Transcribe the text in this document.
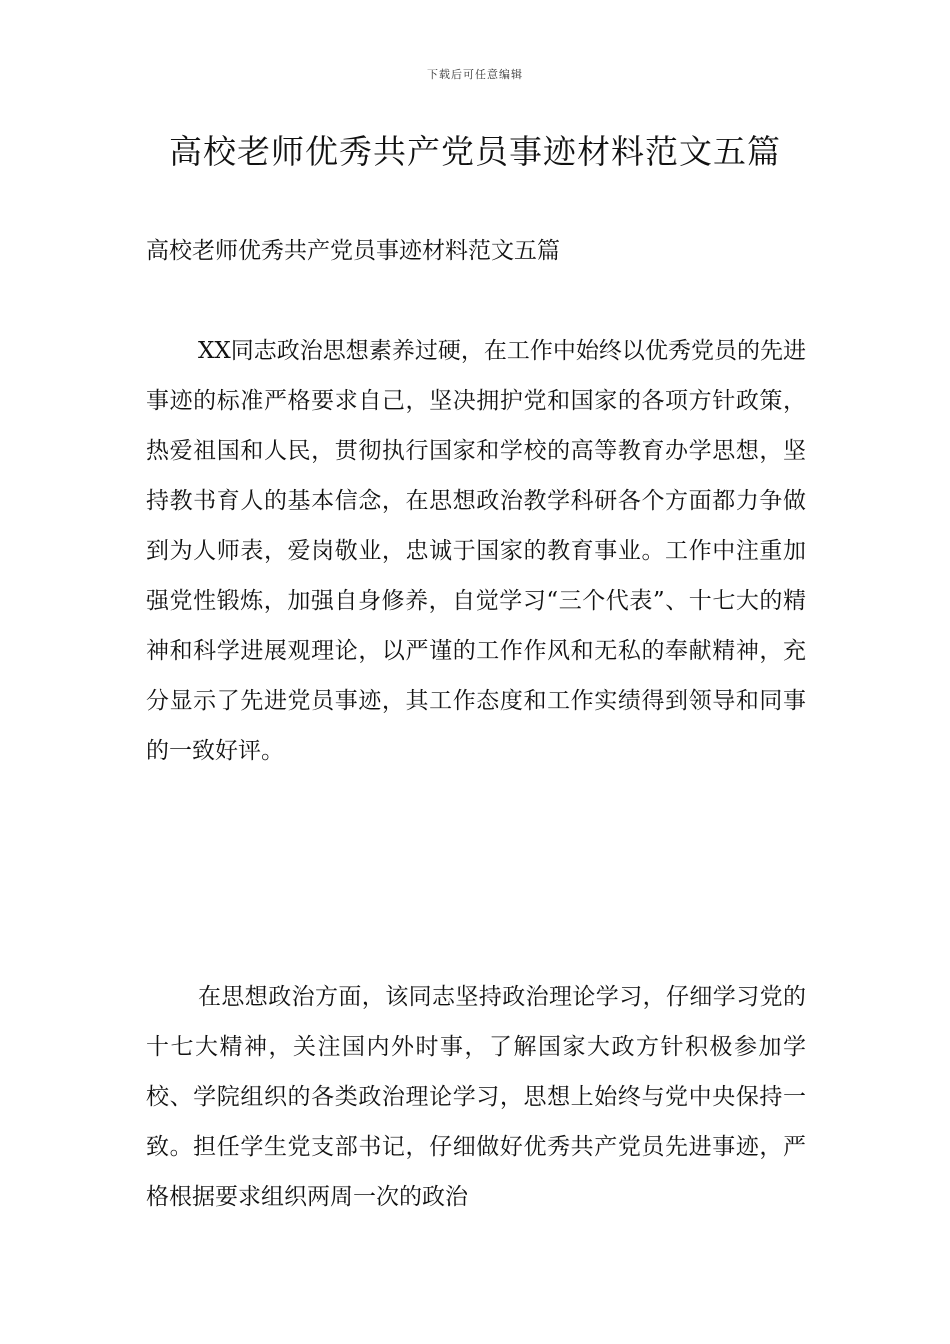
下载后可任意编辑
高校老师优秀共产党员事迹材料范文五篇

高校老师优秀共产党员事迹材料范文五篇

XX同志政治思想素养过硬，在工作中始终以优秀党员的先进事迹的标准严格要求自己，坚决拥护党和国家的各项方针政策，热爱祖国和人民，贯彻执行国家和学校的高等教育办学思想，坚持教书育人的基本信念，在思想政治教学科研各个方面都力争做到为人师表，爱岗敬业，忠诚于国家的教育事业。工作中注重加强党性锻炼，加强自身修养，自觉学习“三个代表”、十七大的精神和科学进展观理论，以严谨的工作作风和无私的奉献精神，充分显示了先进党员事迹，其工作态度和工作实绩得到领导和同事的一致好评。

在思想政治方面，该同志坚持政治理论学习，仔细学习党的十七大精神，关注国内外时事，了解国家大政方针积极参加学校、学院组织的各类政治理论学习，思想上始终与党中央保持一致。担任学生党支部书记，仔细做好优秀共产党员先进事迹，严格根据要求组织两周一次的政治
